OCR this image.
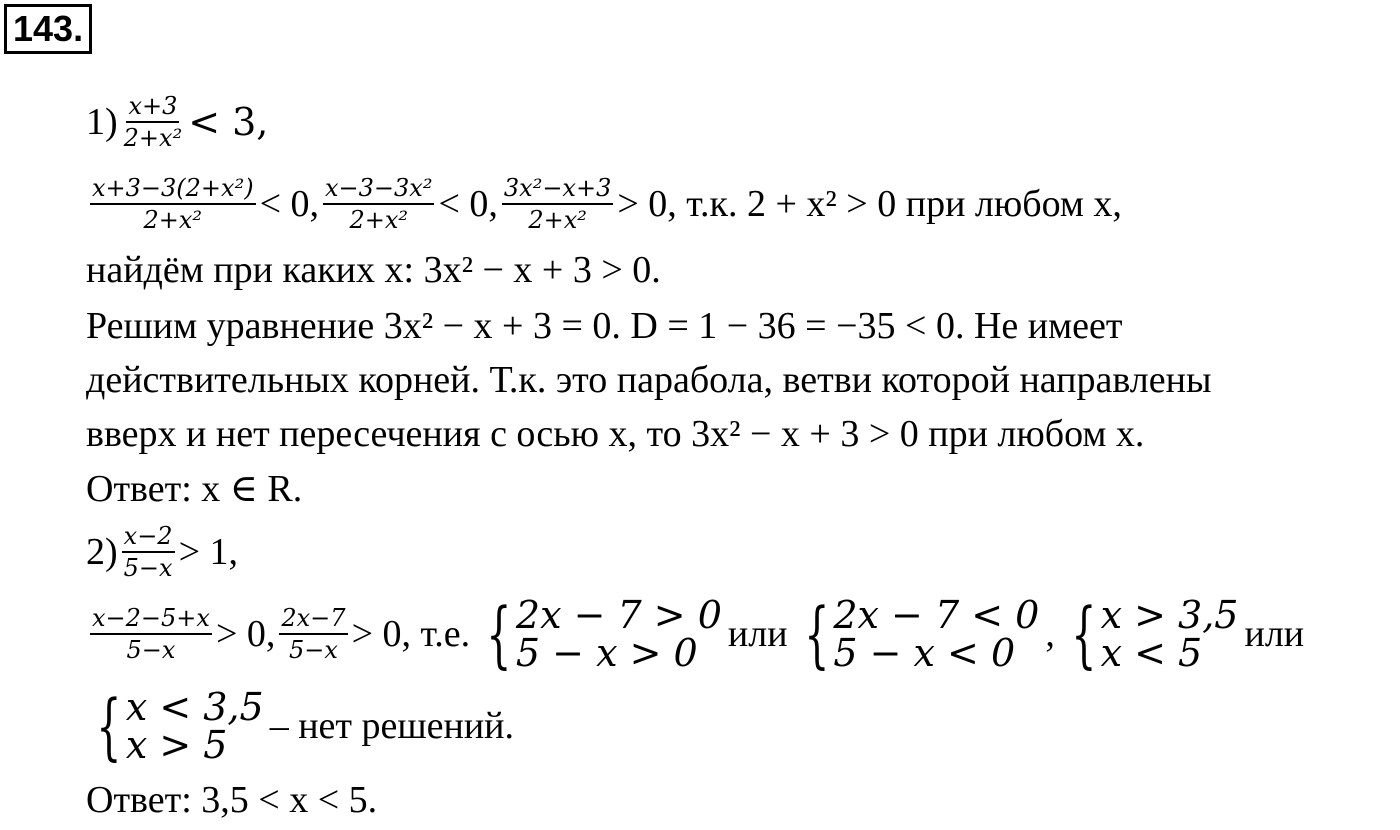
143.
$1) \frac{x+3}{\text{2+x²}} < 3$,
$\frac{\text{x+3−3(2+x²)}}{\text{2+x²}} < 0$, $\frac{\text{x−3−3x²}}{\text{2+x²}} < 0$, $\frac{\text{3x²−x+3}}{\text{2+x²}} > 0$, т.к. 2 + x² > 0 при любом x,
найдём при каких x: 3x² − x + 3 > 0.
Решим уравнение 3x² − x + 3 = 0. D = 1 − 36 = −35 < 0. Не имеет
действительных корней. Т.к. это парабола, ветви которой направлены
вверх и нет пересечения с осью x, то 3x² − x + 3 > 0 при любом x.
Ответ: x ∈ R.
$2) \frac{x-2}{5-x} > 1$,
$\frac{x-2-5+x}{5-x} > 0$, $\frac{2x-7}{5-x} > 0$, т.е. { 2x − 7 > 0
5 − x > 0 или { 2x − 7 < 0
5 − x < 0 , { x > 3,5
x < 5	или
{ x < 3,5
x > 5	– нет решений.
Ответ: 3,5 < x < 5.
